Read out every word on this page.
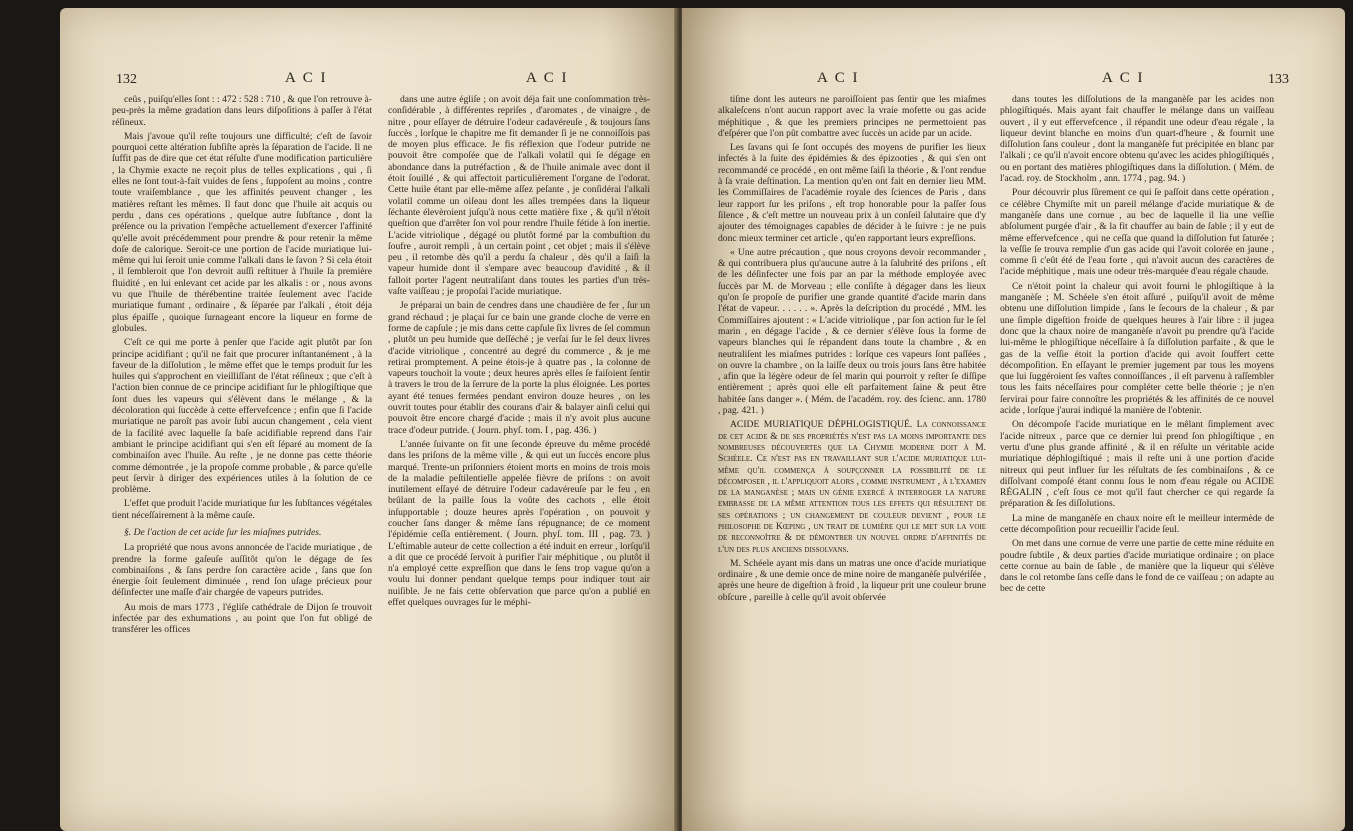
132	A C I	A C I

ceûs , puiſqu'elles ſont : : 472 : 528 : 710 , & que l'on retrouve à-peu-près la même gradation dans leurs diſpoſitions à paſſer à l'état réſineux.

Mais j'avoue qu'il reſte toujours une difficulté; c'eſt de ſavoir pourquoi cette altération ſubſiſte après la ſéparation de l'acide. Il ne ſuffit pas de dire que cet état réſulte d'une modification particulière , la Chymie exacte ne reçoit plus de telles explications , qui , ſi elles ne ſont tout-à-fait vuides de ſens , ſuppoſent au moins , contre toute vraiſemblance , que les affinités peuvent changer , les matières reſtant les mêmes. Il faut donc que l'huile ait acquis ou perdu , dans ces opérations , quelque autre ſubſtance , dont la préſence ou la privation l'empêche actuellement d'exercer l'affinité qu'elle avoit précédemment pour prendre & pour retenir la même doſe de calorique. Seroit-ce une portion de l'acide muriatique lui-même qui lui ſeroit unie comme l'alkali dans le ſavon ? Si cela étoit , il ſembleroit que l'on devroit auſſi reſtituer à l'huile ſa première fluidité , en lui enlevant cet acide par les alkalis : or , nous avons vu que l'huile de thérébentine traitée ſeulement avec l'acide muriatique fumant , ordinaire , & ſéparée par l'alkali , étoit déja plus épaiſſe , quoique ſurnageant encore la liqueur en forme de globules.

C'eſt ce qui me porte à penſer que l'acide agit plutôt par ſon principe acidifiant ; qu'il ne fait que procurer inſtantanément , à la faveur de la diſſolution , le même effet que le temps produit ſur les huiles qui s'approchent en vieilliſſant de l'état réſineux ; que c'eſt à l'action bien connue de ce principe acidifiant ſur le phlogiſtique que ſont dues les vapeurs qui s'élèvent dans le mélange , & la décoloration qui ſuccède à cette effervefcence ; enfin que ſi l'acide muriatique ne paroît pas avoir ſubi aucun changement , cela vient de la facilité avec laquelle ſa baſe acidifiable reprend dans l'air ambiant le principe acidifiant qui s'en eſt ſéparé au moment de ſa combinaiſon avec l'huile. Au reſte , je ne donne pas cette théorie comme démontrée , je la propoſe comme probable , & parce qu'elle peut ſervir à diriger des expériences utiles à la ſolution de ce problème.

L'effet que produit l'acide muriatique ſur les ſubſtances végétales tient néceſſairement à la même cauſe.

§. De l'action de cet acide ſur les miaſmes putrides.

La propriété que nous avons annoncée de l'acide muriatique , de prendre la forme gaſeuſe auſſitôt qu'on le dégage de ſes combinaiſons , & ſans perdre ſon caractère acide , ſans que ſon énergie ſoit ſeulement diminuée , rend ſon uſage précieux pour déſinfecter une maſſe d'air chargée de vapeurs putrides.

Au mois de mars 1773 , l'égliſe cathédrale de Dijon ſe trouvoit infectée par des exhumations , au point que l'on fut obligé de transférer les offices

dans une autre égliſe ; on avoit déja fait une conſommation très-conſidérable , à différentes repriſes , d'aromates , de vinaigre , de nitre , pour eſſayer de détruire l'odeur cadavéreuſe , & toujours ſans ſuccès , lorſque le chapitre me fit demander ſi je ne connoiſſois pas de moyen plus efficace. Je fis réflexion que l'odeur putride ne pouvoit être compoſée que de l'alkali volatil qui ſe dégage en abondance dans la putréfaction , & de l'huile animale avec dont il étoit ſouillé , & qui affectoit particulièrement l'organe de l'odorat. Cette huile étant par elle-même aſſez peſante , je conſidérai l'alkali volatil comme un oiſeau dont les aîles trempées dans la liqueur ſéchante élevèroient juſqu'à nous cette matière fixe , & qu'il n'étoit queſtion que d'arrêter ſon vol pour rendre l'huile fétide à ſon inertie. L'acide vitriolique , dégagé ou plutôt formé par la combuſtion du ſoufre , auroit rempli , à un certain point , cet objet ; mais il s'élève peu , il retombe dès qu'il a perdu ſa chaleur , dès qu'il a ſaiſi la vapeur humide dont il s'empare avec beaucoup d'avidité , & il falloit porter l'agent neutraliſant dans toutes les parties d'un très-vaſte vaiſſeau ; je propoſai l'acide muriatique.

Je préparai un bain de cendres dans une chaudière de fer , ſur un grand réchaud ; je plaçai ſur ce bain une grande cloche de verre en forme de capſule ; je mis dans cette capſule ſix livres de ſel commun , plutôt un peu humide que deſſéché ; je verſai ſur le ſel deux livres d'acide vitriolique , concentré au degré du commerce , & je me retirai promptement. A peine étois-je à quatre pas , la colonne de vapeurs touchoit la voute ; deux heures après elles ſe faiſoient ſentir à travers le trou de la ſerrure de la porte la plus éloignée. Les portes ayant été tenues fermées pendant environ douze heures , on les ouvrit toutes pour établir des courans d'air & balayer ainſi celui qui pouvoit être encore chargé d'acide ; mais il n'y avoit plus aucune trace d'odeur putride. ( Journ. phyſ. tom. I , pag. 436. )

L'année ſuivante on fit une ſeconde épreuve du même procédé dans les priſons de la même ville , & qui eut un ſuccès encore plus marqué. Trente-un priſonniers étoient morts en moins de trois mois de la maladie peſtilentielle appelée fièvre de priſons : on avoit inutilement eſſayé de détruire l'odeur cadavéreuſe par le feu , en brûlant de la paille ſous la voûte des cachots , elle étoit inſupportable ; douze heures après l'opération , on pouvoit y coucher ſans danger & même ſans répugnance; de ce moment l'épidémie ceſſa entièrement. ( Journ. phyſ. tom. III , pag. 73. ) L'eſtimable auteur de cette collection a été induit en erreur , lorſqu'il a dit que ce procédé ſervoit à purifier l'air méphitique , ou plutôt il n'a employé cette expreſſion que dans le ſens trop vague qu'on a voulu lui donner pendant quelque temps pour indiquer tout air nuiſible. Je ne fais cette obſervation que parce qu'on a publié en effet quelques ouvrages ſur le méphi-

A C I	A C I	133

tiſme dont les auteurs ne paroiſſoient pas ſentir que les miaſmes alkaleſcens n'ont aucun rapport avec la vraie mofette ou gas acide méphitique , & que les premiers principes ne permettoient pas d'eſpérer que l'on pût combattre avec ſuccès un acide par un acide.

Les ſavans qui ſe ſont occupés des moyens de purifier les lieux infectés à la ſuite des épidémies & des épizooties , & qui s'en ont recommandé ce procédé , en ont même ſaiſi la théorie , & l'ont rendue à ſa vraie deſtination. La mention qu'en ont fait en dernier lieu MM. les Commiſſaires de l'académie royale des ſciences de Paris , dans leur rapport ſur les priſons , eſt trop honorable pour la paſſer ſous ſilence , & c'eſt mettre un nouveau prix à un conſeil ſalutaire que d'y ajouter des témoignages capables de décider à le ſuivre : je ne puis donc mieux terminer cet article , qu'en rapportant leurs expreſſions.

« Une autre précaution , que nous croyons devoir recommander , & qui contribuera plus qu'aucune autre à la ſalubrité des priſons , eſt de les déſinfecter une fois par an par la méthode employée avec ſuccès par M. de Morveau ; elle conſiſte à dégager dans les lieux qu'on ſe propoſe de purifier une grande quantité d'acide marin dans l'état de vapeur. . . . . . ». Après la deſcription du procédé , MM. les Commiſſaires ajoutent : « L'acide vitriolique , par ſon action ſur le ſel marin , en dégage l'acide , & ce dernier s'élève ſous la forme de vapeurs blanches qui ſe répandent dans toute la chambre , & en neutraliſent les miaſmes putrides : lorſque ces vapeurs ſont paſſées , on ouvre la chambre , on la laiſſe deux ou trois jours ſans être habitée , afin que la légère odeur de ſel marin qui pourroit y reſter ſe diſſipe entièrement ; après quoi elle eſt parfaitement ſaine & peut être habitée ſans danger ». ( Mém. de l'académ. roy. des ſcienc. ann. 1780 , pag. 421. )

ACIDE MURIATIQUE DÉPHLOGISTIQUÉ. La connoiſſance de cet acide & de ſes propriétés n'eſt pas la moins importante des nombreuſes découvertes que la Chymie moderne doit à M. Schéele. Ce n'eſt pas en travaillant ſur l'acide muriatique lui-même qu'il commença à ſoupçonner la poſſibilité de le décompoſer , il l'appliquoit alors , comme inſtrument , à l'examen de la manganèſe ; mais un génie exercé à interroger la nature embraſſe de la même attention tous les effets qui réſultent de ſes opérations ; un changement de couleur devient , pour le philoſophe de Kœping , un trait de lumière qui le met ſur la voie de reconnoître & de démontrer un nouvel ordre d'affinités de l'un des plus anciens diſſolvans.

M. Schéele ayant mis dans un matras une once d'acide muriatique ordinaire , & une demie once de mine noire de manganèſe pulvériſée , après une heure de digeſtion à froid , la liqueur prit une couleur brune obſcure , pareille à celle qu'il avoit obſervée

dans toutes les diſſolutions de la manganèſe par les acides non phlogiſtiqués. Mais ayant fait chauffer le mélange dans un vaiſſeau ouvert , il y eut effervefcence , il répandit une odeur d'eau régale , la liqueur devint blanche en moins d'un quart-d'heure , & fournit une diſſolution ſans couleur , dont la manganèſe fut précipitée en blanc par l'alkali ; ce qu'il n'avoit encore obtenu qu'avec les acides phlogiſtiqués , ou en portant des matières phlogiſtiques dans la diſſolution. ( Mém. de l'acad. roy. de Stockholm , ann. 1774 , pag. 94. )

Pour découvrir plus ſûrement ce qui ſe paſſoit dans cette opération , ce célèbre Chymiſte mit un pareil mélange d'acide muriatique & de manganèſe dans une cornue , au bec de laquelle il lia une veſſie abſolument purgée d'air , & la fit chauffer au bain de ſable ; il y eut de même effervefcence , qui ne ceſſa que quand la diſſolution fut ſaturée ; la veſſie ſe trouva remplie d'un gas acide qui l'avoit colorée en jaune , comme ſi c'eût été de l'eau forte , qui n'avoit aucun des caractères de l'acide méphitique , mais une odeur très-marquée d'eau régale chaude.

Ce n'étoit point la chaleur qui avoit fourni le phlogiſtique à la manganèſe ; M. Schéele s'en étoit aſſuré , puiſqu'il avoit de même obtenu une diſſolution limpide , ſans le ſecours de la chaleur , & par une ſimple digeſtion froide de quelques heures à l'air libre : il jugea donc que la chaux noire de manganèſe n'avoit pu prendre qu'à l'acide lui-même le phlogiſtique néceſſaire à ſa diſſolution parfaite , & que le gas de la veſſie étoit la portion d'acide qui avoit ſouffert cette décompoſition. En eſſayant le premier jugement par tous les moyens que lui ſuggéroient ſes vaſtes connoiſſances , il eſt parvenu à raſſembler tous les faits néceſſaires pour compléter cette belle théorie ; je n'en ſervirai pour faire connoître les propriétés & les affinités de ce nouvel acide , lorſque j'aurai indiqué la manière de l'obtenir.

On décompoſe l'acide muriatique en le mêlant ſimplement avec l'acide nitreux , parce que ce dernier lui prend ſon phlogiſtique , en vertu d'une plus grande affinité , & il en réſulte un véritable acide muriatique déphlogiſtiqué ; mais il reſte uni à une portion d'acide nitreux qui peut influer ſur les réſultats de ſes combinaiſons , & ce diſſolvant compoſé étant connu ſous le nom d'eau régale ou ACIDE RÉGALIN , c'eſt ſous ce mot qu'il faut chercher ce qui regarde ſa préparation & ſes diſſolutions.

La mine de manganèſe en chaux noire eſt le meilleur intermède de cette décompoſition pour recueillir l'acide ſeul.

On met dans une cornue de verre une partie de cette mine réduite en poudre ſubtile , & deux parties d'acide muriatique ordinaire ; on place cette cornue au bain de ſable , de manière que la liqueur qui s'élève dans le col retombe ſans ceſſe dans le fond de ce vaiſſeau ; on adapte au bec de cette
